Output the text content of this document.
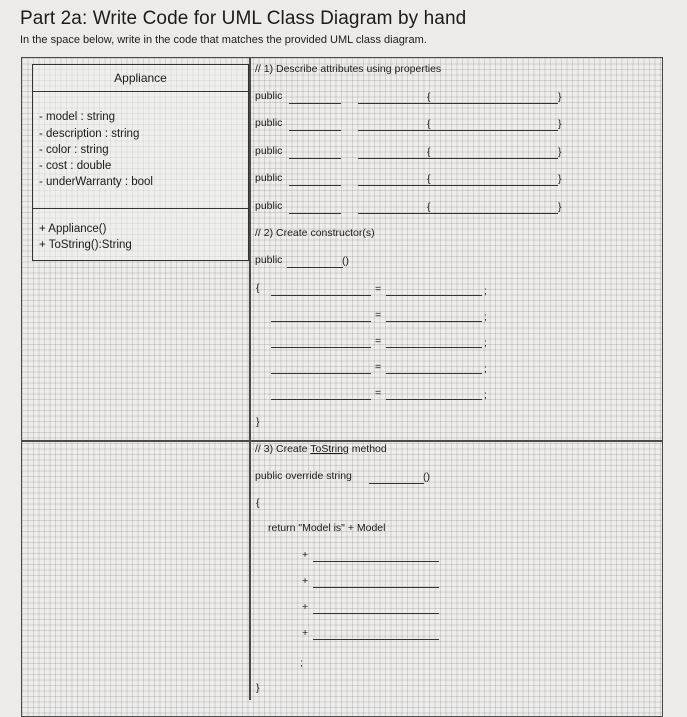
Part 2a: Write Code for UML Class Diagram by hand
In the space below, write in the code that matches the provided UML class diagram.
Appliance
- model : string
- description : string
- color : string
- cost : double
- underWarranty : bool
+ Appliance()
+ ToString():String
// 1) Describe attributes using properties
public	{	}
public	{	}
public	{	}
public	{	}
public	{	}
// 2) Create constructor(s)
public	()
{	=	;
=	;
=	;
=	;
=	;
}
// 3) Create ToString method
public override string	()
{
return "Model is" + Model
+
+
+
+
;
}
